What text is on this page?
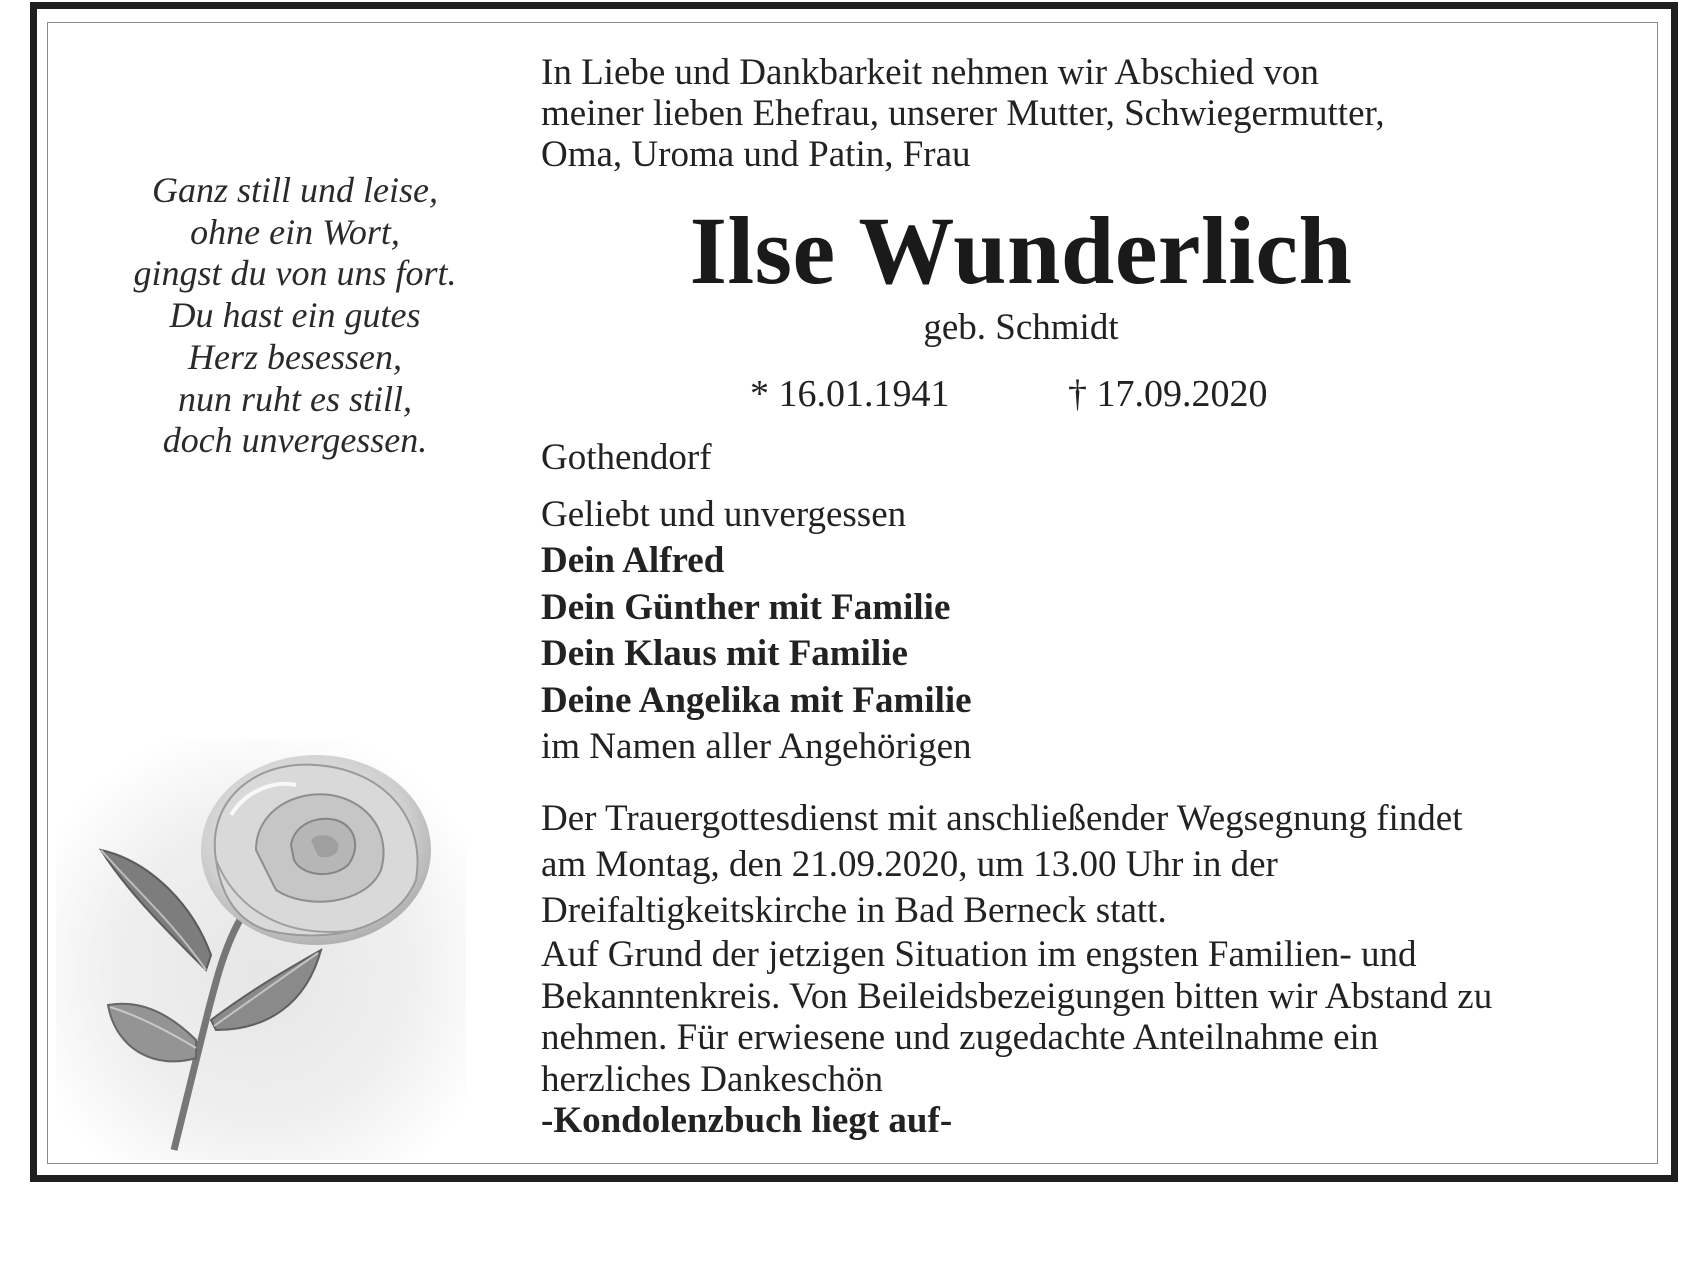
Ganz still und leise,
ohne ein Wort,
gingst du von uns fort.
Du hast ein gutes
Herz besessen,
nun ruht es still,
doch unvergessen.
In Liebe und Dankbarkeit nehmen wir Abschied von
meiner lieben Ehefrau, unserer Mutter, Schwiegermutter,
Oma, Uroma und Patin, Frau
Ilse Wunderlich
geb. Schmidt
* 16.01.1941	† 17.09.2020
Gothendorf
Geliebt und unvergessen
Dein Alfred
Dein Günther mit Familie
Dein Klaus mit Familie
Deine Angelika mit Familie
im Namen aller Angehörigen
Der Trauergottesdienst mit anschließender Wegsegnung findet
am Montag, den 21.09.2020, um 13.00 Uhr in der
Dreifaltigkeitskirche in Bad Berneck statt.
Auf Grund der jetzigen Situation im engsten Familien- und
Bekanntenkreis. Von Beileidsbezeigungen bitten wir Abstand zu
nehmen. Für erwiesene und zugedachte Anteilnahme ein
herzliches Dankeschön
-Kondolenzbuch liegt auf-
